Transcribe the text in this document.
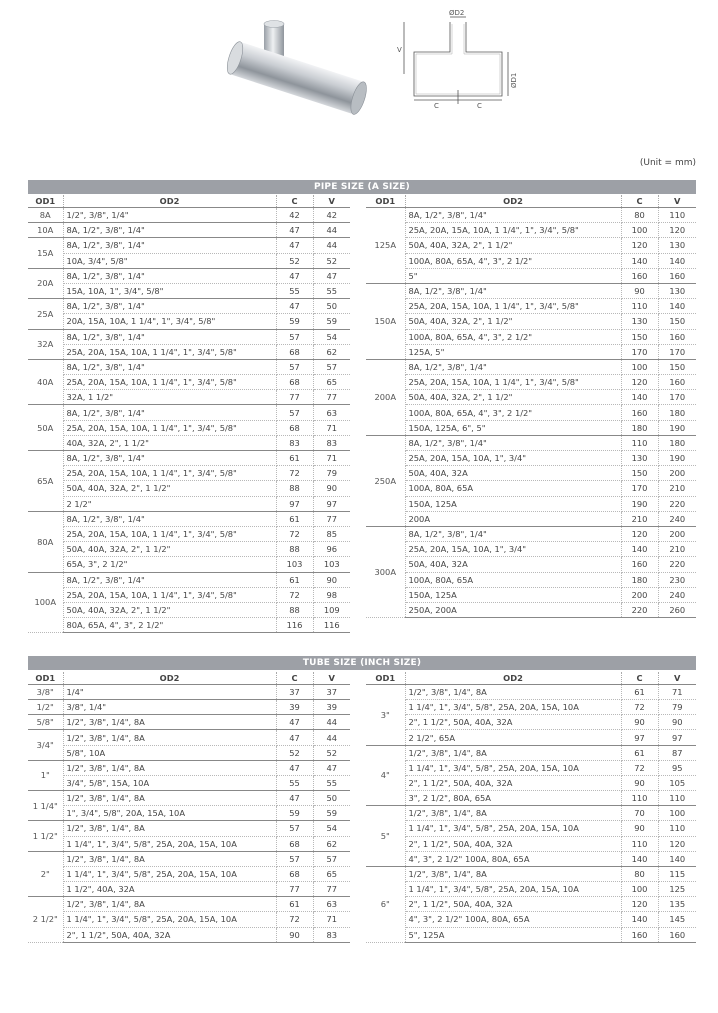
ØD2
V
ØD1
C	C
(Unit = mm)
PIPE SIZE (A SIZE)
OD1	OD2	C	V
8A	1/2", 3/8", 1/4"	42	42
10A	8A, 1/2", 3/8", 1/4"	47	44
15A	8A, 1/2", 3/8", 1/4"	47	44
	10A, 3/4", 5/8"	52	52
20A	8A, 1/2", 3/8", 1/4"	47	47
	15A, 10A, 1", 3/4", 5/8"	55	55
25A	8A, 1/2", 3/8", 1/4"	47	50
	20A, 15A, 10A, 1 1/4", 1", 3/4", 5/8"	59	59
32A	8A, 1/2", 3/8", 1/4"	57	54
	25A, 20A, 15A, 10A, 1 1/4", 1", 3/4", 5/8"	68	62
40A	8A, 1/2", 3/8", 1/4"	57	57
	25A, 20A, 15A, 10A, 1 1/4", 1", 3/4", 5/8"	68	65
	32A, 1 1/2"	77	77
50A	8A, 1/2", 3/8", 1/4"	57	63
	25A, 20A, 15A, 10A, 1 1/4", 1", 3/4", 5/8"	68	71
	40A, 32A, 2", 1 1/2"	83	83
65A	8A, 1/2", 3/8", 1/4"	61	71
	25A, 20A, 15A, 10A, 1 1/4", 1", 3/4", 5/8"	72	79
	50A, 40A, 32A, 2", 1 1/2"	88	90
	2 1/2"	97	97
80A	8A, 1/2", 3/8", 1/4"	61	77
	25A, 20A, 15A, 10A, 1 1/4", 1", 3/4", 5/8"	72	85
	50A, 40A, 32A, 2", 1 1/2"	88	96
	65A, 3", 2 1/2"	103	103
100A	8A, 1/2", 3/8", 1/4"	61	90
	25A, 20A, 15A, 10A, 1 1/4", 1", 3/4", 5/8"	72	98
	50A, 40A, 32A, 2", 1 1/2"	88	109
	80A, 65A, 4", 3", 2 1/2"	116	116
OD1	OD2	C	V
125A	8A, 1/2", 3/8", 1/4"	80	110
	25A, 20A, 15A, 10A, 1 1/4", 1", 3/4", 5/8"	100	120
	50A, 40A, 32A, 2", 1 1/2"	120	130
	100A, 80A, 65A, 4", 3", 2 1/2"	140	140
	5"	160	160
150A	8A, 1/2", 3/8", 1/4"	90	130
	25A, 20A, 15A, 10A, 1 1/4", 1", 3/4", 5/8"	110	140
	50A, 40A, 32A, 2", 1 1/2"	130	150
	100A, 80A, 65A, 4", 3", 2 1/2"	150	160
	125A, 5"	170	170
200A	8A, 1/2", 3/8", 1/4"	100	150
	25A, 20A, 15A, 10A, 1 1/4", 1", 3/4", 5/8"	120	160
	50A, 40A, 32A, 2", 1 1/2"	140	170
	100A, 80A, 65A, 4", 3", 2 1/2"	160	180
	150A, 125A, 6", 5"	180	190
250A	8A, 1/2", 3/8", 1/4"	110	180
	25A, 20A, 15A, 10A, 1", 3/4"	130	190
	50A, 40A, 32A	150	200
	100A, 80A, 65A	170	210
	150A, 125A	190	220
	200A	210	240
300A	8A, 1/2", 3/8", 1/4"	120	200
	25A, 20A, 15A, 10A, 1", 3/4"	140	210
	50A, 40A, 32A	160	220
	100A, 80A, 65A	180	230
	150A, 125A	200	240
	250A, 200A	220	260
TUBE SIZE (INCH SIZE)
OD1	OD2	C	V
3/8"	1/4"	37	37
1/2"	3/8", 1/4"	39	39
5/8"	1/2", 3/8", 1/4", 8A	47	44
3/4"	1/2", 3/8", 1/4", 8A	47	44
	5/8", 10A	52	52
1"	1/2", 3/8", 1/4", 8A	47	47
	3/4", 5/8", 15A, 10A	55	55
1 1/4"	1/2", 3/8", 1/4", 8A	47	50
	1", 3/4", 5/8", 20A, 15A, 10A	59	59
1 1/2"	1/2", 3/8", 1/4", 8A	57	54
	1 1/4", 1", 3/4", 5/8", 25A, 20A, 15A, 10A	68	62
2"	1/2", 3/8", 1/4", 8A	57	57
	1 1/4", 1", 3/4", 5/8", 25A, 20A, 15A, 10A	68	65
	1 1/2", 40A, 32A	77	77
2 1/2"	1/2", 3/8", 1/4", 8A	61	63
	1 1/4", 1", 3/4", 5/8", 25A, 20A, 15A, 10A	72	71
	2", 1 1/2", 50A, 40A, 32A	90	83
OD1	OD2	C	V
3"	1/2", 3/8", 1/4", 8A	61	71
	1 1/4", 1", 3/4", 5/8", 25A, 20A, 15A, 10A	72	79
	2", 1 1/2", 50A, 40A, 32A	90	90
	2 1/2", 65A	97	97
4"	1/2", 3/8", 1/4", 8A	61	87
	1 1/4", 1", 3/4", 5/8", 25A, 20A, 15A, 10A	72	95
	2", 1 1/2", 50A, 40A, 32A	90	105
	3", 2 1/2", 80A, 65A	110	110
5"	1/2", 3/8", 1/4", 8A	70	100
	1 1/4", 1", 3/4", 5/8", 25A, 20A, 15A, 10A	90	110
	2", 1 1/2", 50A, 40A, 32A	110	120
	4", 3", 2 1/2" 100A, 80A, 65A	140	140
6"	1/2", 3/8", 1/4", 8A	80	115
	1 1/4", 1", 3/4", 5/8", 25A, 20A, 15A, 10A	100	125
	2", 1 1/2", 50A, 40A, 32A	120	135
	4", 3", 2 1/2" 100A, 80A, 65A	140	145
	5", 125A	160	160
